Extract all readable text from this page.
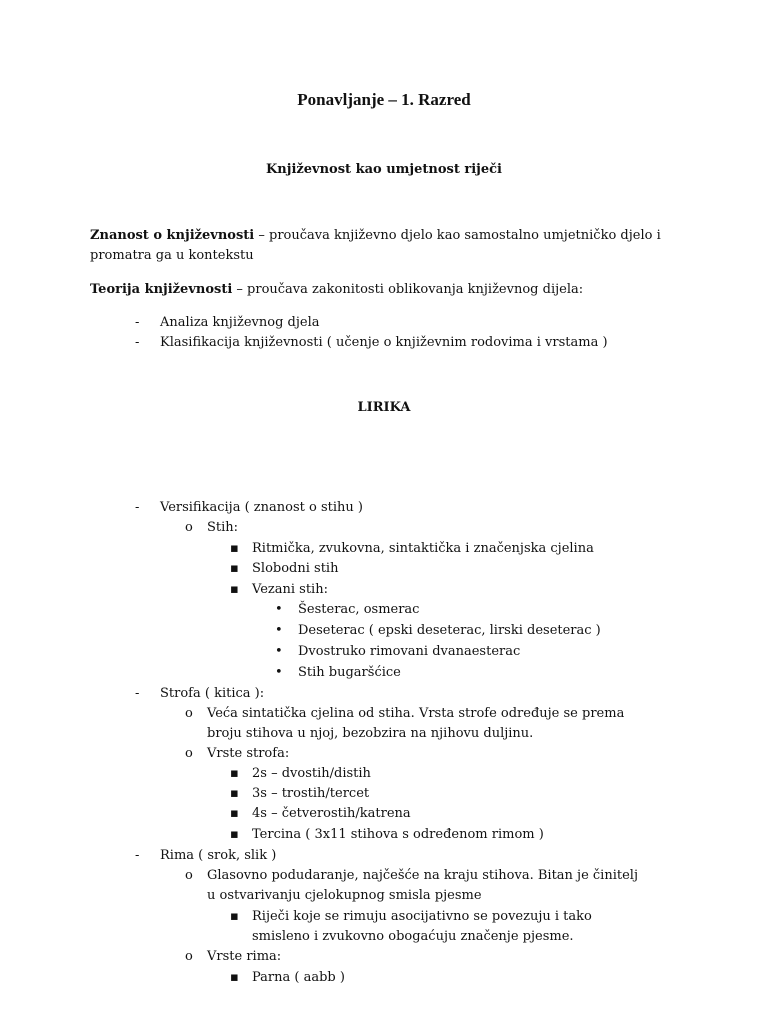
Ponavljanje – 1. Razred
Književnost kao umjetnost riječi
Znanost o književnosti – proučava književno djelo kao samostalno umjetničko djelo i promatra ga u kontekstu
Teorija književnosti – proučava zakonitosti oblikovanja književnog dijela:
- Analiza književnog djela
- Klasifikacija književnosti ( učenje o književnim rodovima i vrstama )
LIRIKA
- Versifikacija ( znanost o stihu )
o Stih:
▪ Ritmička, zvukovna, sintaktička i značenjska cjelina
▪ Slobodni stih
▪ Vezani stih:
• Šesterac, osmerac
• Deseterac ( epski deseterac, lirski deseterac )
• Dvostruko rimovani dvanaesterac
• Stih bugaršćice
- Strofa ( kitica ):
o Veća sintatička cjelina od stiha. Vrsta strofe određuje se prema broju stihova u njoj, bezobzira na njihovu duljinu.
o Vrste strofa:
▪ 2s – dvostih/distih
▪ 3s – trostih/tercet
▪ 4s – četverostih/katrena
▪ Tercina ( 3x11 stihova s određenom rimom )
- Rima ( srok, slik )
o Glasovno podudaranje, najčešće na kraju stihova. Bitan je činitelj u ostvarivanju cjelokupnog smisla pjesme
▪ Riječi koje se rimuju asocijativno se povezuju i tako smisleno i zvukovno obogaćuju značenje pjesme.
o Vrste rima:
▪ Parna ( aabb )
